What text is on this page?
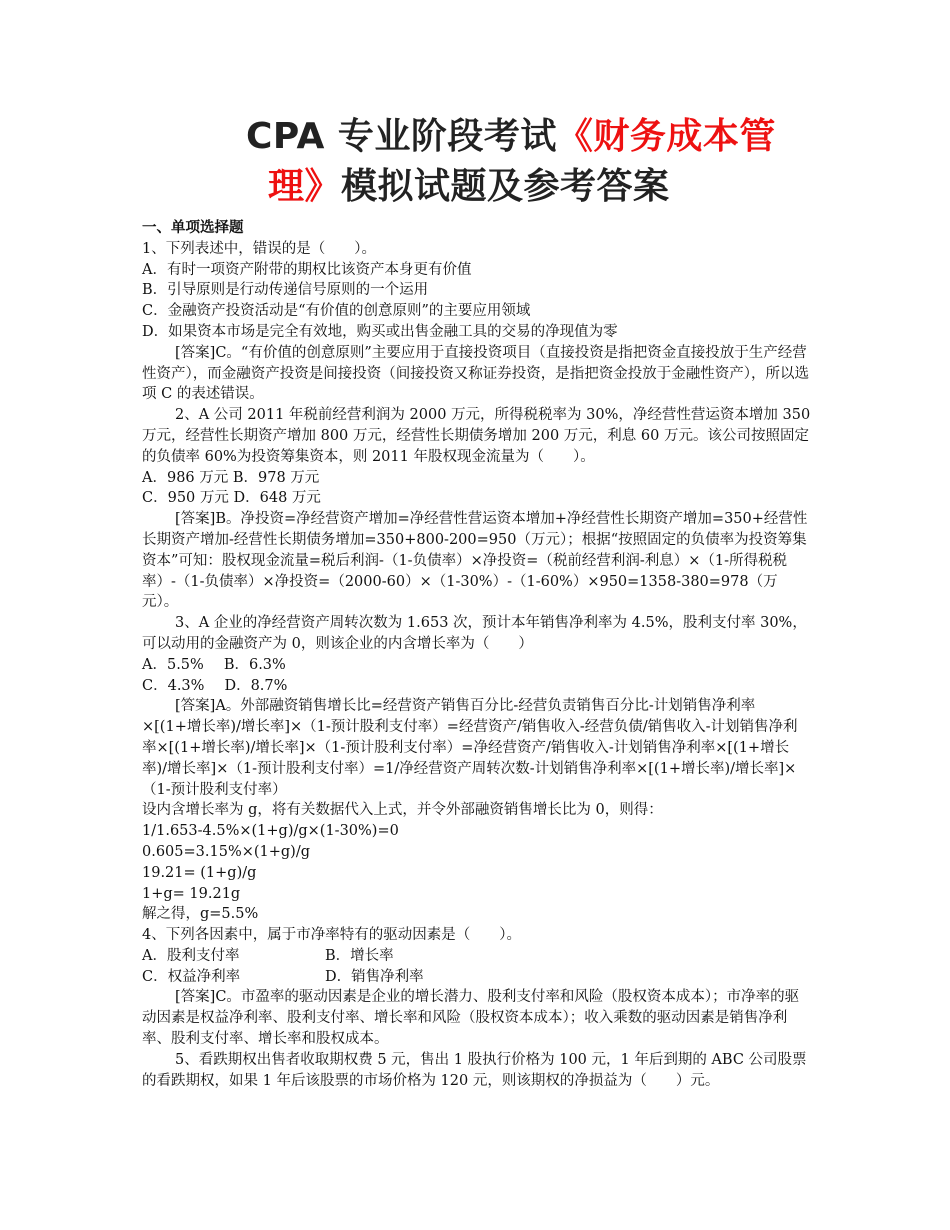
CPA 专业阶段考试《财务成本管
理》模拟试题及参考答案

一、单项选择题

1、下列表述中，错误的是（　　）。

A．有时一项资产附带的期权比该资产本身更有价值

B．引导原则是行动传递信号原则的一个运用

C．金融资产投资活动是“有价值的创意原则”的主要应用领域

D．如果资本市场是完全有效地，购买或出售金融工具的交易的净现值为零

[答案]C。“有价值的创意原则”主要应用于直接投资项目（直接投资是指把资金直接投放于生产经营性资产），而金融资产投资是间接投资（间接投资又称证券投资，是指把资金投放于金融性资产），所以选项 C 的表述错误。

2、A 公司 2011 年税前经营利润为 2000 万元，所得税税率为 30%，净经营性营运资本增加 350 万元，经营性长期资产增加 800 万元，经营性长期债务增加 200 万元，利息 60 万元。该公司按照固定的负债率 60%为投资筹集资本，则 2011 年股权现金流量为（　　）。

A．986 万元 B．978 万元

C．950 万元 D．648 万元

[答案]B。净投资=净经营资产增加=净经营性营运资本增加+净经营性长期资产增加=350+经营性长期资产增加-经营性长期债务增加=350+800-200=950（万元）；根据“按照固定的负债率为投资筹集资本”可知：股权现金流量=税后利润-（1-负债率）×净投资=（税前经营利润-利息）×（1-所得税税率）-（1-负债率）×净投资=（2000-60）×（1-30%）-（1-60%）×950=1358-380=978（万元）。

3、A 企业的净经营资产周转次数为 1.653 次，预计本年销售净利率为 4.5%，股利支付率 30%，可以动用的金融资产为 0，则该企业的内含增长率为（　　）

A．5.5% B．6.3%

C．4.3% D．8.7%

[答案]A。外部融资销售增长比=经营资产销售百分比-经营负责销售百分比-计划销售净利率×[(1+增长率)/增长率]×（1-预计股利支付率）=经营资产/销售收入-经营负债/销售收入-计划销售净利率×[(1+增长率)/增长率]×（1-预计股利支付率）=净经营资产/销售收入-计划销售净利率×[(1+增长率)/增长率]×（1-预计股利支付率）=1/净经营资产周转次数-计划销售净利率×[(1+增长率)/增长率]×（1-预计股利支付率）

设内含增长率为 g，将有关数据代入上式，并令外部融资销售增长比为 0，则得：

1/1.653-4.5%×(1+g)/g×(1-30%)=0

0.605=3.15%×(1+g)/g

19.21= (1+g)/g

1+g= 19.21g

解之得，g=5.5%

4、下列各因素中，属于市净率特有的驱动因素是（　　）。

A．股利支付率	B．增长率

C．权益净利率	D．销售净利率

[答案]C。市盈率的驱动因素是企业的增长潜力、股利支付率和风险（股权资本成本）；市净率的驱动因素是权益净利率、股利支付率、增长率和风险（股权资本成本）；收入乘数的驱动因素是销售净利率、股利支付率、增长率和股权成本。

5、看跌期权出售者收取期权费 5 元，售出 1 股执行价格为 100 元，1 年后到期的 ABC 公司股票的看跌期权，如果 1 年后该股票的市场价格为 120 元，则该期权的净损益为（　　）元。
